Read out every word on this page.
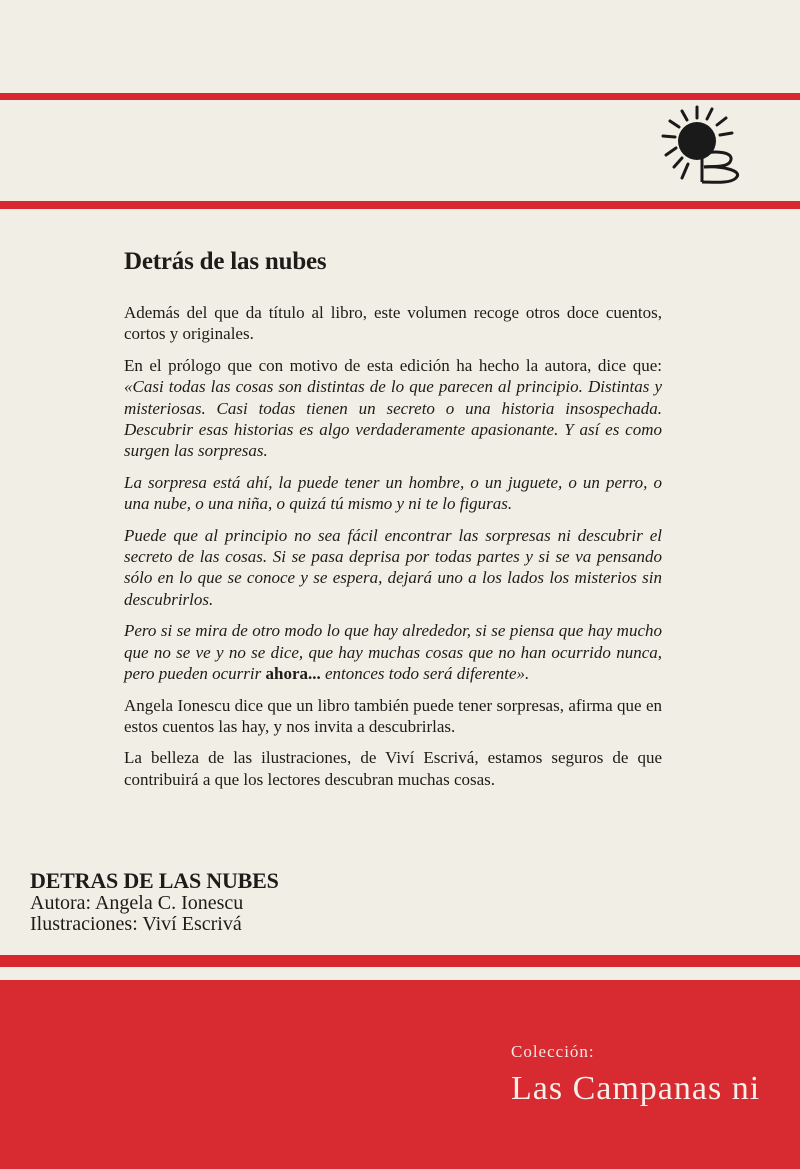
Detrás de las nubes

Además del que da título al libro, este volumen recoge otros doce cuentos, cortos y originales.

En el prólogo que con motivo de esta edición ha hecho la autora, dice que: «Casi todas las cosas son distintas de lo que parecen al principio. Distintas y misteriosas. Casi todas tienen un secreto o una historia insospechada. Descubrir esas historias es algo verdaderamente apasionante. Y así es como surgen las sorpresas.

La sorpresa está ahí, la puede tener un hombre, o un juguete, o un perro, o una nube, o una niña, o quizá tú mismo y ni te lo figuras.

Puede que al principio no sea fácil encontrar las sorpresas ni descubrir el secreto de las cosas. Si se pasa deprisa por todas partes y si se va pensando sólo en lo que se conoce y se espera, dejará uno a los lados los misterios sin descubrirlos.

Pero si se mira de otro modo lo que hay alrededor, si se piensa que hay mucho que no se ve y no se dice, que hay muchas cosas que no han ocurrido nunca, pero pueden ocurrir ahora... entonces todo será diferente».

Angela Ionescu dice que un libro también puede tener sorpresas, afirma que en estos cuentos las hay, y nos invita a descubrirlas.

La belleza de las ilustraciones, de Viví Escrivá, estamos seguros de que contribuirá a que los lectores descubran muchas cosas.

DETRAS DE LAS NUBES

Autora: Angela C. Ionescu

Ilustraciones: Viví Escrivá

Colección:
Las Campanas ni
